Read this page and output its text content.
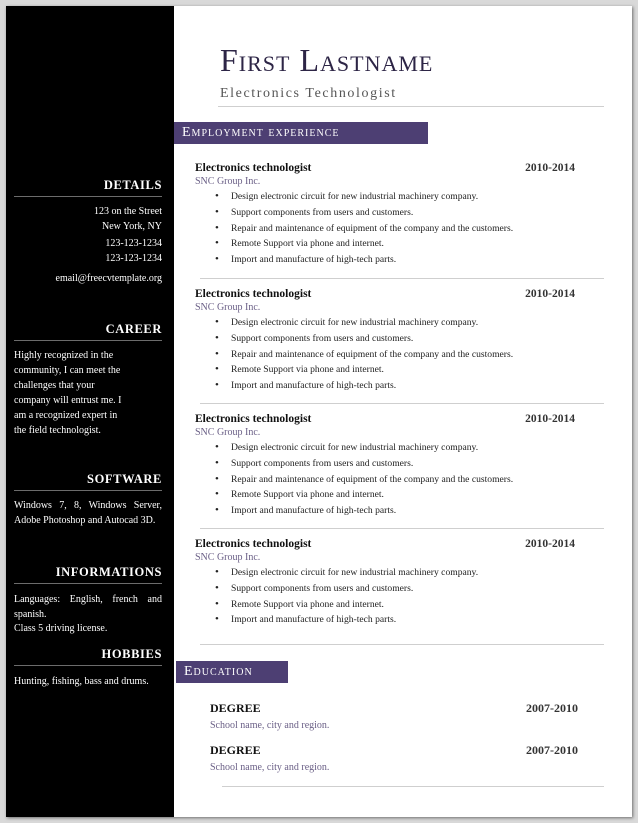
DETAILS
123 on the Street
New York, NY
123-123-1234
123-123-1234
email@freecvtemplate.org
CAREER
Highly recognized in the
community, I can meet the
challenges that your
company will entrust me. I
am a recognized expert in
the field technologist.
SOFTWARE
Windows 7, 8, Windows Server, Adobe Photoshop and Autocad 3D.
INFORMATIONS
Languages: English, french and spanish.
Class 5 driving license.
HOBBIES
Hunting, fishing, bass and drums.
First Lastname
Electronics Technologist
Employment experience
Electronics technologist	2010-2014
SNC Group Inc.
• Design electronic circuit for new industrial machinery company.
• Support components from users and customers.
• Repair and maintenance of equipment of the company and the customers.
• Remote Support via phone and internet.
• Import and manufacture of high-tech parts.
Electronics technologist	2010-2014
SNC Group Inc.
• Design electronic circuit for new industrial machinery company.
• Support components from users and customers.
• Repair and maintenance of equipment of the company and the customers.
• Remote Support via phone and internet.
• Import and manufacture of high-tech parts.
Electronics technologist	2010-2014
SNC Group Inc.
• Design electronic circuit for new industrial machinery company.
• Support components from users and customers.
• Repair and maintenance of equipment of the company and the customers.
• Remote Support via phone and internet.
• Import and manufacture of high-tech parts.
Electronics technologist	2010-2014
SNC Group Inc.
• Design electronic circuit for new industrial machinery company.
• Support components from users and customers.
• Remote Support via phone and internet.
• Import and manufacture of high-tech parts.
Education
DEGREE	2007-2010
School name, city and region.
DEGREE	2007-2010
School name, city and region.
